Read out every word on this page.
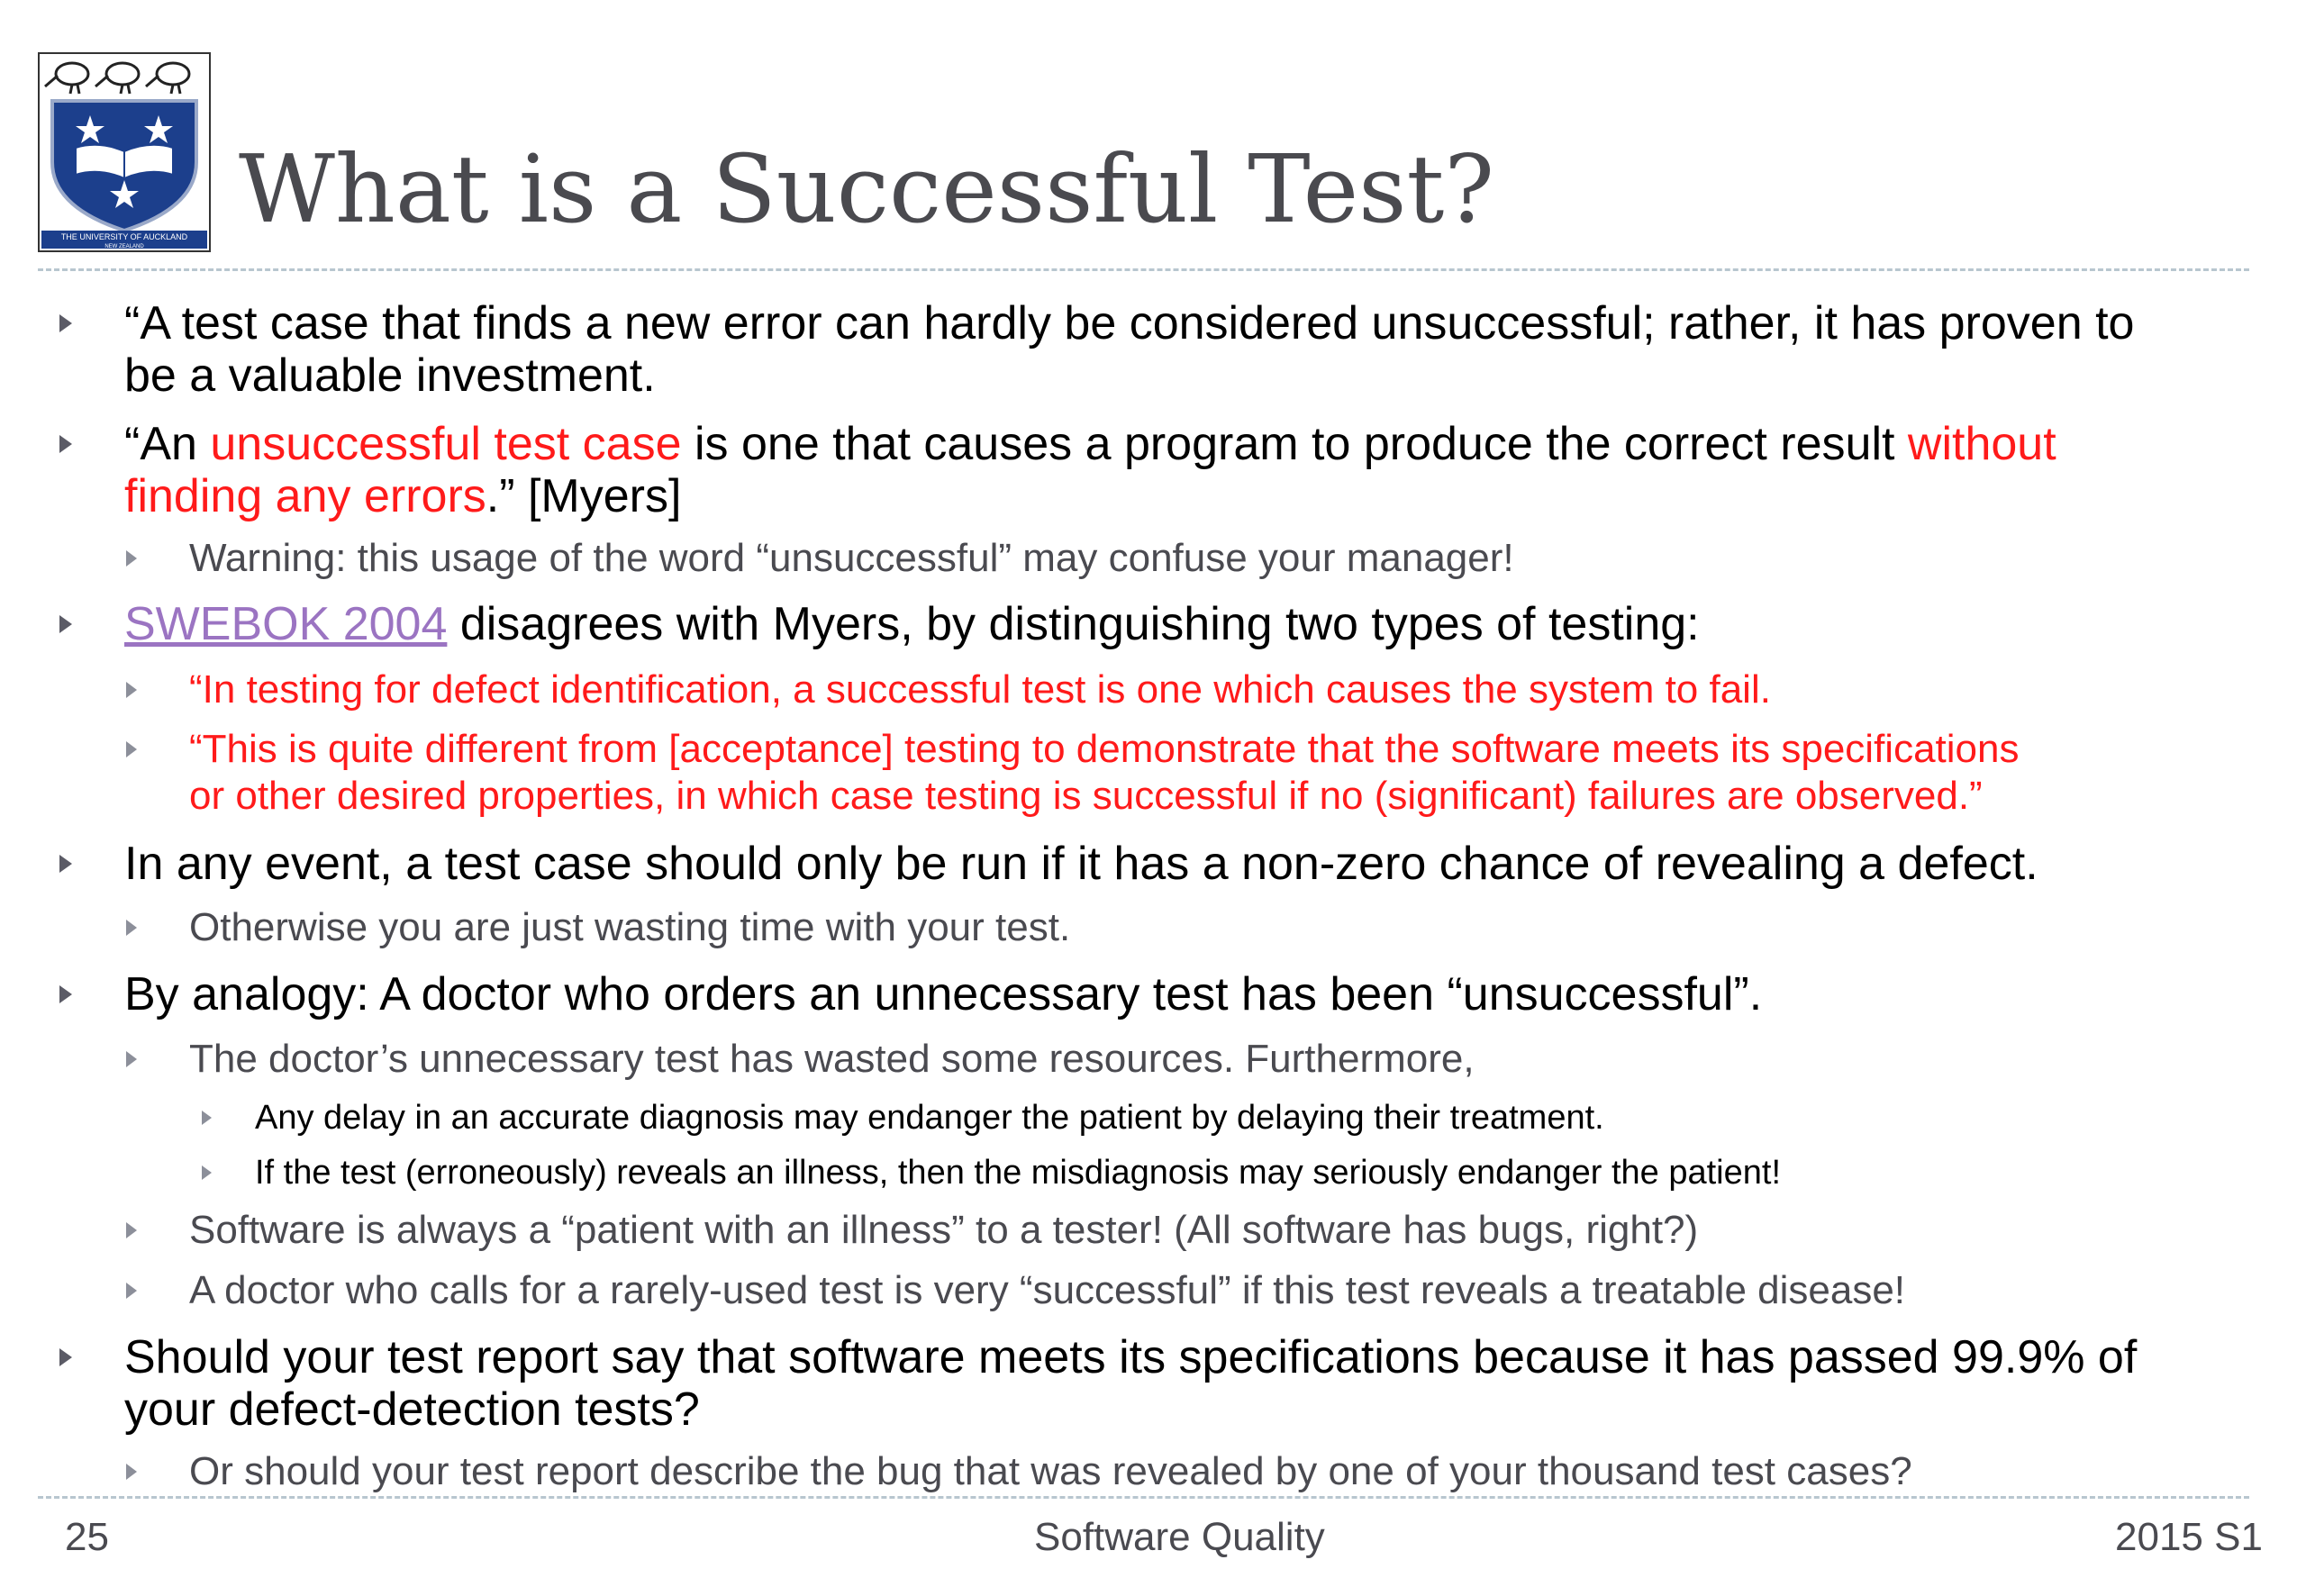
THE UNIVERSITY OF AUCKLAND
NEW ZEALAND
What is a Successful Test?
“A test case that finds a new error can hardly be considered unsuccessful; rather, it has proven to
be a valuable investment.
“An unsuccessful test case is one that causes a program to produce the correct result without
finding any errors.” [Myers]
Warning: this usage of the word “unsuccessful” may confuse your manager!
SWEBOK 2004 disagrees with Myers, by distinguishing two types of testing:
“In testing for defect identification, a successful test is one which causes the system to fail.
“This is quite different from [acceptance] testing to demonstrate that the software meets its specifications
or other desired properties, in which case testing is successful if no (significant) failures are observed.”
In any event, a test case should only be run if it has a non-zero chance of revealing a defect.
Otherwise you are just wasting time with your test.
By analogy: A doctor who orders an unnecessary test has been “unsuccessful”.
The doctor’s unnecessary test has wasted some resources. Furthermore,
Any delay in an accurate diagnosis may endanger the patient by delaying their treatment.
If the test (erroneously) reveals an illness, then the misdiagnosis may seriously endanger the patient!
Software is always a “patient with an illness” to a tester! (All software has bugs, right?)
A doctor who calls for a rarely-used test is very “successful” if this test reveals a treatable disease!
Should your test report say that software meets its specifications because it has passed 99.9% of
your defect-detection tests?
Or should your test report describe the bug that was revealed by one of your thousand test cases?
25	Software Quality	2015 S1
